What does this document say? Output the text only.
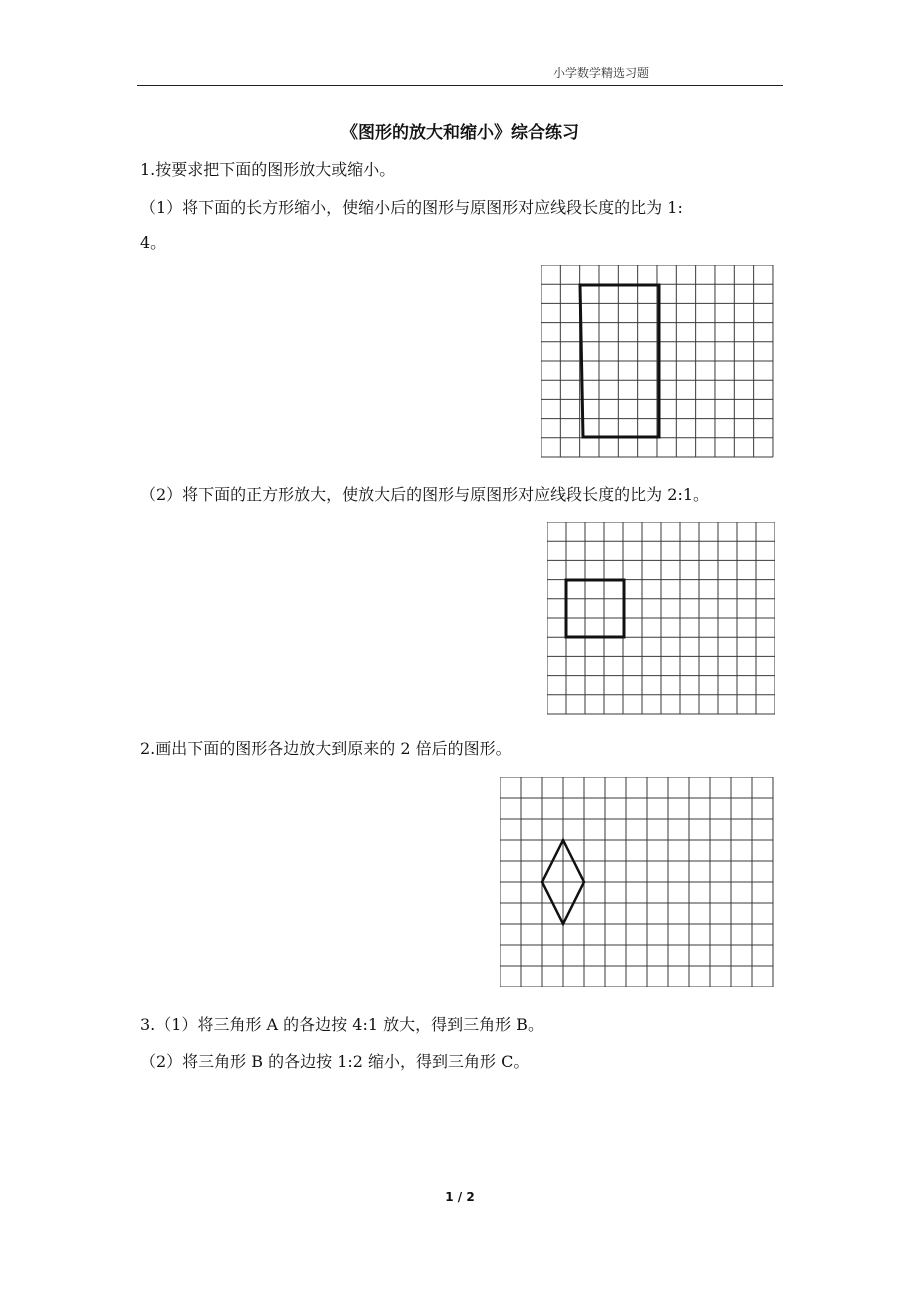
小学数学精选习题
《图形的放大和缩小》综合练习
1.按要求把下面的图形放大或缩小。
（1）将下面的长方形缩小，使缩小后的图形与原图形对应线段长度的比为 1:
4。
（2）将下面的正方形放大，使放大后的图形与原图形对应线段长度的比为 2:1。
2.画出下面的图形各边放大到原来的 2 倍后的图形。
3.（1）将三角形 A 的各边按 4:1 放大，得到三角形 B。
（2）将三角形 B 的各边按 1:2 缩小，得到三角形 C。
1 / 2
